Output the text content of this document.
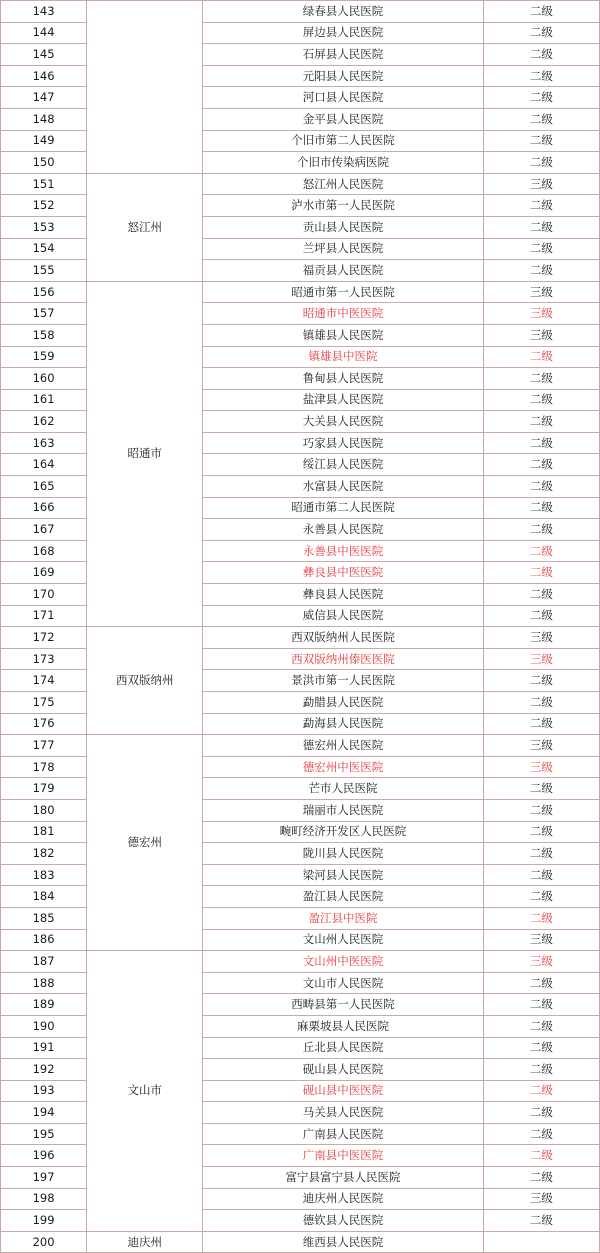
143		绿春县人民医院	二级
144		屏边县人民医院	二级
145		石屏县人民医院	二级
146		元阳县人民医院	二级
147		河口县人民医院	二级
148		金平县人民医院	二级
149		个旧市第二人民医院	二级
150		个旧市传染病医院	二级
151	怒江州	怒江州人民医院	三级
152		泸水市第一人民医院	二级
153		贡山县人民医院	二级
154		兰坪县人民医院	二级
155		福贡县人民医院	二级
156	昭通市	昭通市第一人民医院	三级
157		昭通市中医医院	三级
158		镇雄县人民医院	三级
159		镇雄县中医院	二级
160		鲁甸县人民医院	二级
161		盐津县人民医院	二级
162		大关县人民医院	二级
163		巧家县人民医院	二级
164		绥江县人民医院	二级
165		水富县人民医院	二级
166		昭通市第二人民医院	二级
167		永善县人民医院	二级
168		永善县中医医院	二级
169		彝良县中医医院	二级
170		彝良县人民医院	二级
171		威信县人民医院	二级
172	西双版纳州	西双版纳州人民医院	三级
173		西双版纳州傣医医院	三级
174		景洪市第一人民医院	二级
175		勐腊县人民医院	二级
176		勐海县人民医院	二级
177	德宏州	德宏州人民医院	三级
178		德宏州中医医院	三级
179		芒市人民医院	二级
180		瑞丽市人民医院	二级
181		畹町经济开发区人民医院	二级
182		陇川县人民医院	二级
183		梁河县人民医院	二级
184		盈江县人民医院	二级
185		盈江县中医院	二级
186		文山州人民医院	三级
187	文山市	文山州中医医院	三级
188		文山市人民医院	二级
189		西畴县第一人民医院	二级
190		麻栗坡县人民医院	二级
191		丘北县人民医院	二级
192		砚山县人民医院	二级
193		砚山县中医医院	二级
194		马关县人民医院	二级
195		广南县人民医院	二级
196		广南县中医医院	二级
197		富宁县富宁县人民医院	二级
198		迪庆州人民医院	三级
199		德钦县人民医院	二级
200	迪庆州	维西县人民医院	
